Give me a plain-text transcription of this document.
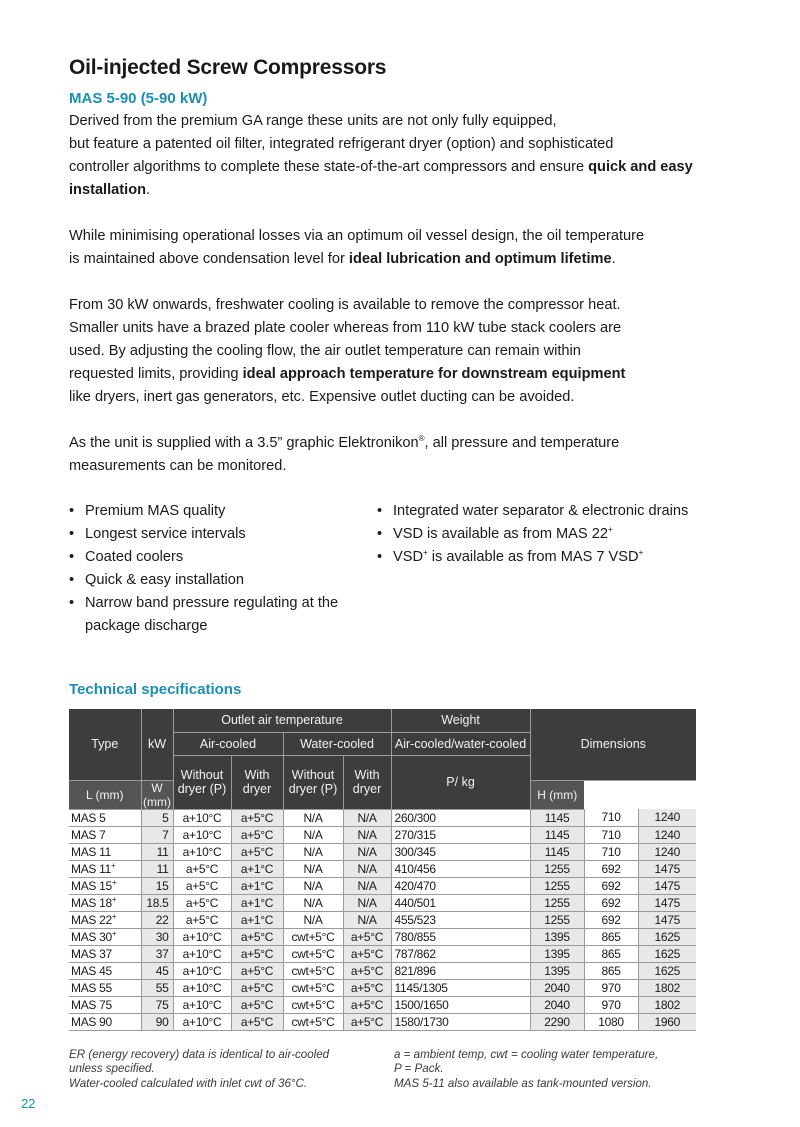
Oil-injected Screw Compressors
MAS 5-90 (5-90 kW)

Derived from the premium GA range these units are not only fully equipped,
but feature a patented oil filter, integrated refrigerant dryer (option) and sophisticated
controller algorithms to complete these state-of-the-art compressors and ensure quick and easy installation.

While minimising operational losses via an optimum oil vessel design, the oil temperature
is maintained above condensation level for ideal lubrication and optimum lifetime.

From 30 kW onwards, freshwater cooling is available to remove the compressor heat.
Smaller units have a brazed plate cooler whereas from 110 kW tube stack coolers are
used. By adjusting the cooling flow, the air outlet temperature can remain within
requested limits, providing ideal approach temperature for downstream equipment
like dryers, inert gas generators, etc. Expensive outlet ducting can be avoided.

As the unit is supplied with a 3.5” graphic Elektronikon®, all pressure and temperature
measurements can be monitored.

• Premium MAS quality
• Longest service intervals
• Coated coolers
• Quick & easy installation
• Narrow band pressure regulating at the package discharge
• Integrated water separator & electronic drains
• VSD is available as from MAS 22+
• VSD+ is available as from MAS 7 VSD+
Technical specifications
Type	kW	Outlet air temperature				Weight	Dimensions		
		Air-cooled		Water-cooled		Air-cooled/water-cooled			
		Without dryer (P)	With dryer	Without dryer (P)	With dryer	P/ kg			
L (mm)	W (mm)						H (mm)		
MAS 5	5	a+10°C	a+5°C	N/A	N/A	260/300	1145	710	1240
MAS 7	7	a+10°C	a+5°C	N/A	N/A	270/315	1145	710	1240
MAS 11	11	a+10°C	a+5°C	N/A	N/A	300/345	1145	710	1240
MAS 11+	11	a+5°C	a+1°C	N/A	N/A	410/456	1255	692	1475
MAS 15+	15	a+5°C	a+1°C	N/A	N/A	420/470	1255	692	1475
MAS 18+	18.5	a+5°C	a+1°C	N/A	N/A	440/501	1255	692	1475
MAS 22+	22	a+5°C	a+1°C	N/A	N/A	455/523	1255	692	1475
MAS 30+	30	a+10°C	a+5°C	cwt+5°C	a+5°C	780/855	1395	865	1625
MAS 37	37	a+10°C	a+5°C	cwt+5°C	a+5°C	787/862	1395	865	1625
MAS 45	45	a+10°C	a+5°C	cwt+5°C	a+5°C	821/896	1395	865	1625
MAS 55	55	a+10°C	a+5°C	cwt+5°C	a+5°C	1145/1305	2040	970	1802
MAS 75	75	a+10°C	a+5°C	cwt+5°C	a+5°C	1500/1650	2040	970	1802
MAS 90	90	a+10°C	a+5°C	cwt+5°C	a+5°C	1580/1730	2290	1080	1960
ER (energy recovery) data is identical to air-cooled
unless specified.
Water-cooled calculated with inlet cwt of 36°C.
a = ambient temp, cwt = cooling water temperature,
P = Pack.
MAS 5-11 also available as tank-mounted version.
22
